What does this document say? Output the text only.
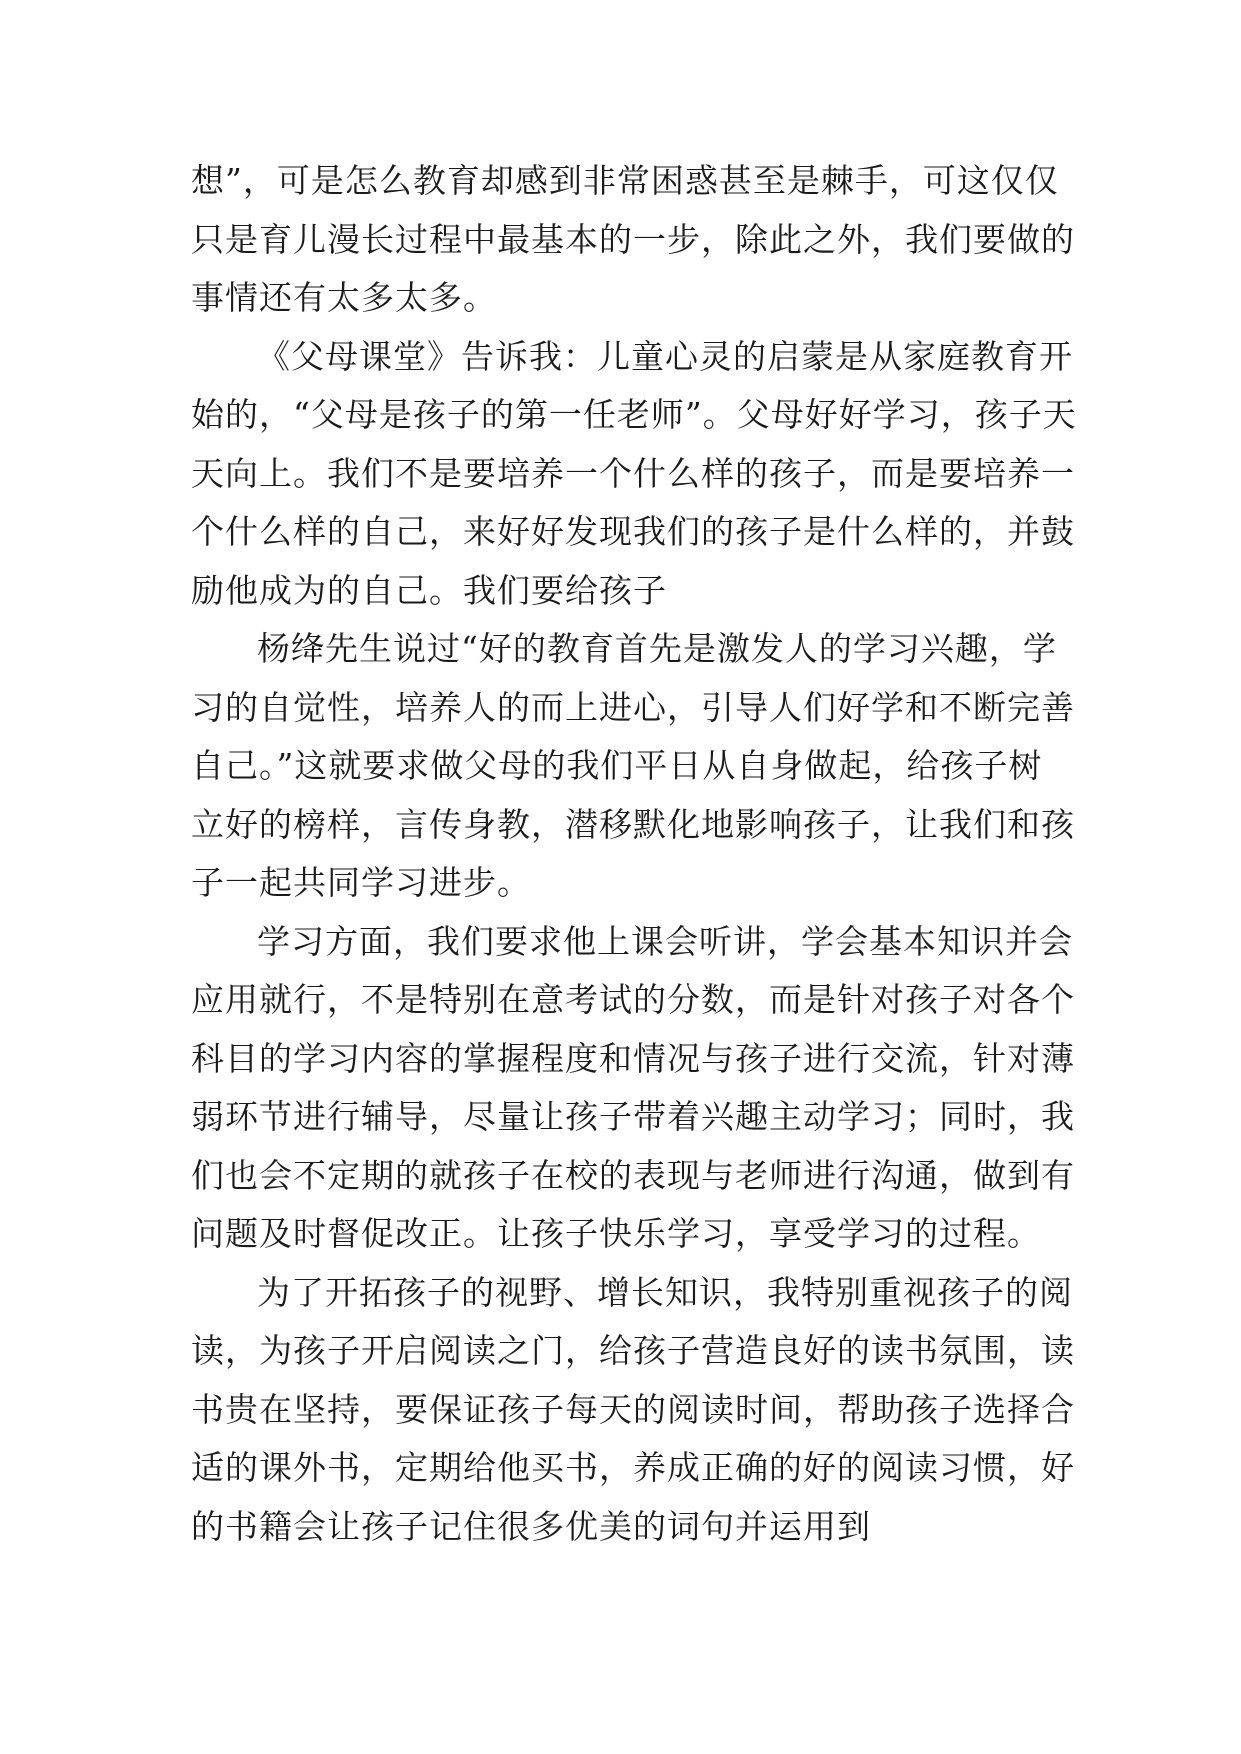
想”，可是怎么教育却感到非常困惑甚至是棘手，可这仅仅
只是育儿漫长过程中最基本的一步，除此之外，我们要做的
事情还有太多太多。
《父母课堂》告诉我：儿童心灵的启蒙是从家庭教育开
始的，“父母是孩子的第一任老师”。父母好好学习，孩子天
天向上。我们不是要培养一个什么样的孩子，而是要培养一
个什么样的自己，来好好发现我们的孩子是什么样的，并鼓
励他成为的自己。我们要给孩子
杨绛先生说过“好的教育首先是激发人的学习兴趣，学
习的自觉性，培养人的而上进心，引导人们好学和不断完善
自己。”这就要求做父母的我们平日从自身做起，给孩子树
立好的榜样，言传身教，潜移默化地影响孩子，让我们和孩
子一起共同学习进步。
学习方面，我们要求他上课会听讲，学会基本知识并会
应用就行，不是特别在意考试的分数，而是针对孩子对各个
科目的学习内容的掌握程度和情况与孩子进行交流，针对薄
弱环节进行辅导，尽量让孩子带着兴趣主动学习；同时，我
们也会不定期的就孩子在校的表现与老师进行沟通，做到有
问题及时督促改正。让孩子快乐学习，享受学习的过程。
为了开拓孩子的视野、增长知识，我特别重视孩子的阅
读，为孩子开启阅读之门，给孩子营造良好的读书氛围，读
书贵在坚持，要保证孩子每天的阅读时间，帮助孩子选择合
适的课外书，定期给他买书，养成正确的好的阅读习惯，好
的书籍会让孩子记住很多优美的词句并运用到
